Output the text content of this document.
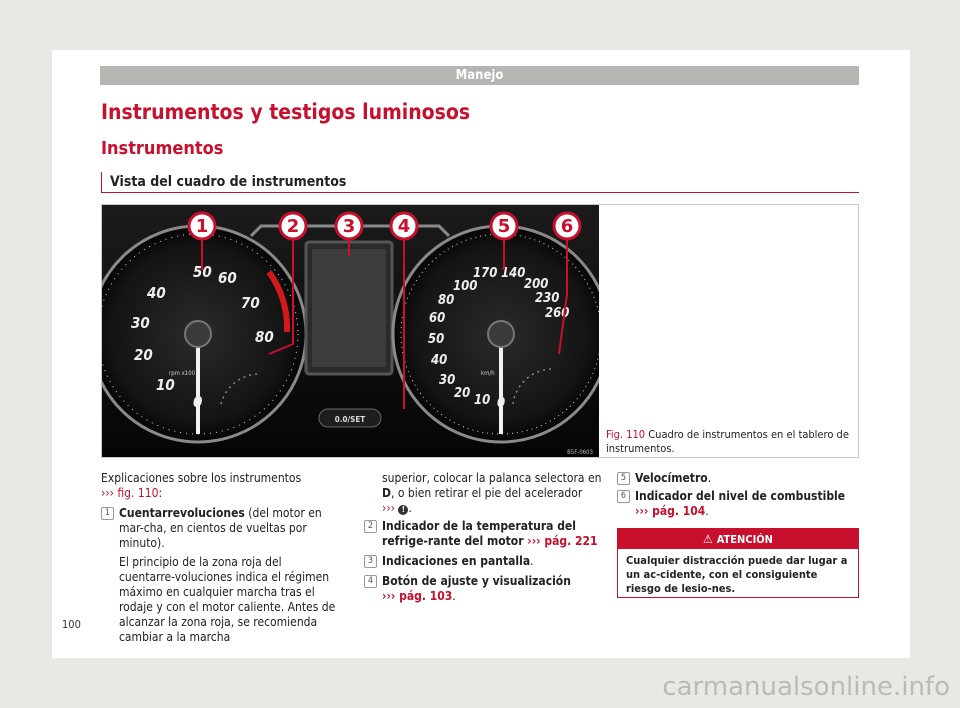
Manejo
Instrumentos y testigos luminosos
Instrumentos
Vista del cuadro de instrumentos
50 60
70
80
40
30
20
10
0
rpm x100
0.0/SET
170 140
200
230
260
100
80
60
50
40
30
20 10 0
km/h
B5F-0603
1	2 3 4	5	6
Fig. 110 Cuadro de instrumentos en el tablero de instrumentos.
Explicaciones sobre los instrumentos
››› fig. 110:
1 Cuentarrevoluciones (del motor en mar-cha, en cientos de vueltas por minuto).
El principio de la zona roja del cuentarre-voluciones indica el régimen máximo en cualquier marcha tras el rodaje y con el motor caliente. Antes de alcanzar la zona roja, se recomienda cambiar a la marcha
superior, colocar la palanca selectora en D, o bien retirar el pie del acelerador
››› ! .
2 Indicador de la temperatura del refrige-rante del motor ››› pág. 221
3 Indicaciones en pantalla.
4 Botón de ajuste y visualización
››› pág. 103.
5 Velocímetro.
6 Indicador del nivel de combustible
››› pág. 104.
⚠ ATENCIÓN
Cualquier distracción puede dar lugar a un ac-cidente, con el consiguiente riesgo de lesio-nes.
100
carmanualsonline.info
